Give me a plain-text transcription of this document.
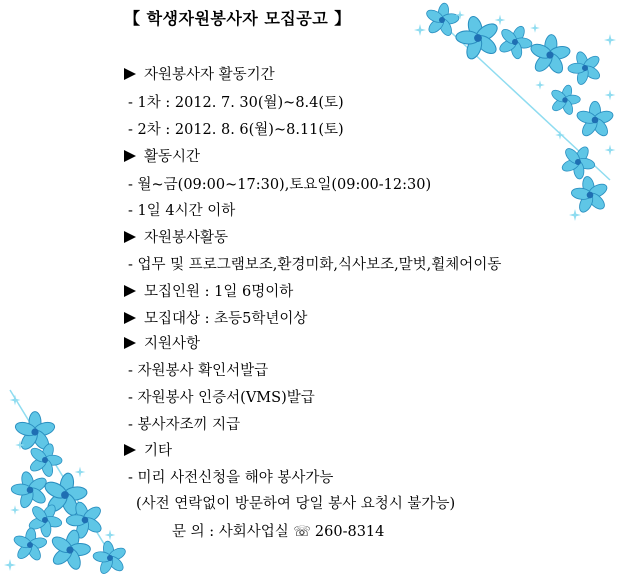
【 학생자원봉사자 모집공고 】
자원봉사자 활동기간
- 1차 : 2012. 7. 30(월)~8.4(토)
- 2차 : 2012. 8. 6(월)~8.11(토)
활동시간
- 월~금(09:00~17:30),토요일(09:00-12:30)
- 1일 4시간 이하
자원봉사활동
- 업무 및 프로그램보조,환경미화,식사보조,말벗,휠체어이동
모집인원 : 1일 6명이하
모집대상 : 초등5학년이상
지원사항
- 자원봉사 확인서발급
- 자원봉사 인증서(VMS)발급
- 봉사자조끼 지급
기타
- 미리 사전신청을 해야 봉사가능
(사전 연락없이 방문하여 당일 봉사 요청시 불가능)
문 의 : 사회사업실 ☏ 260-8314
